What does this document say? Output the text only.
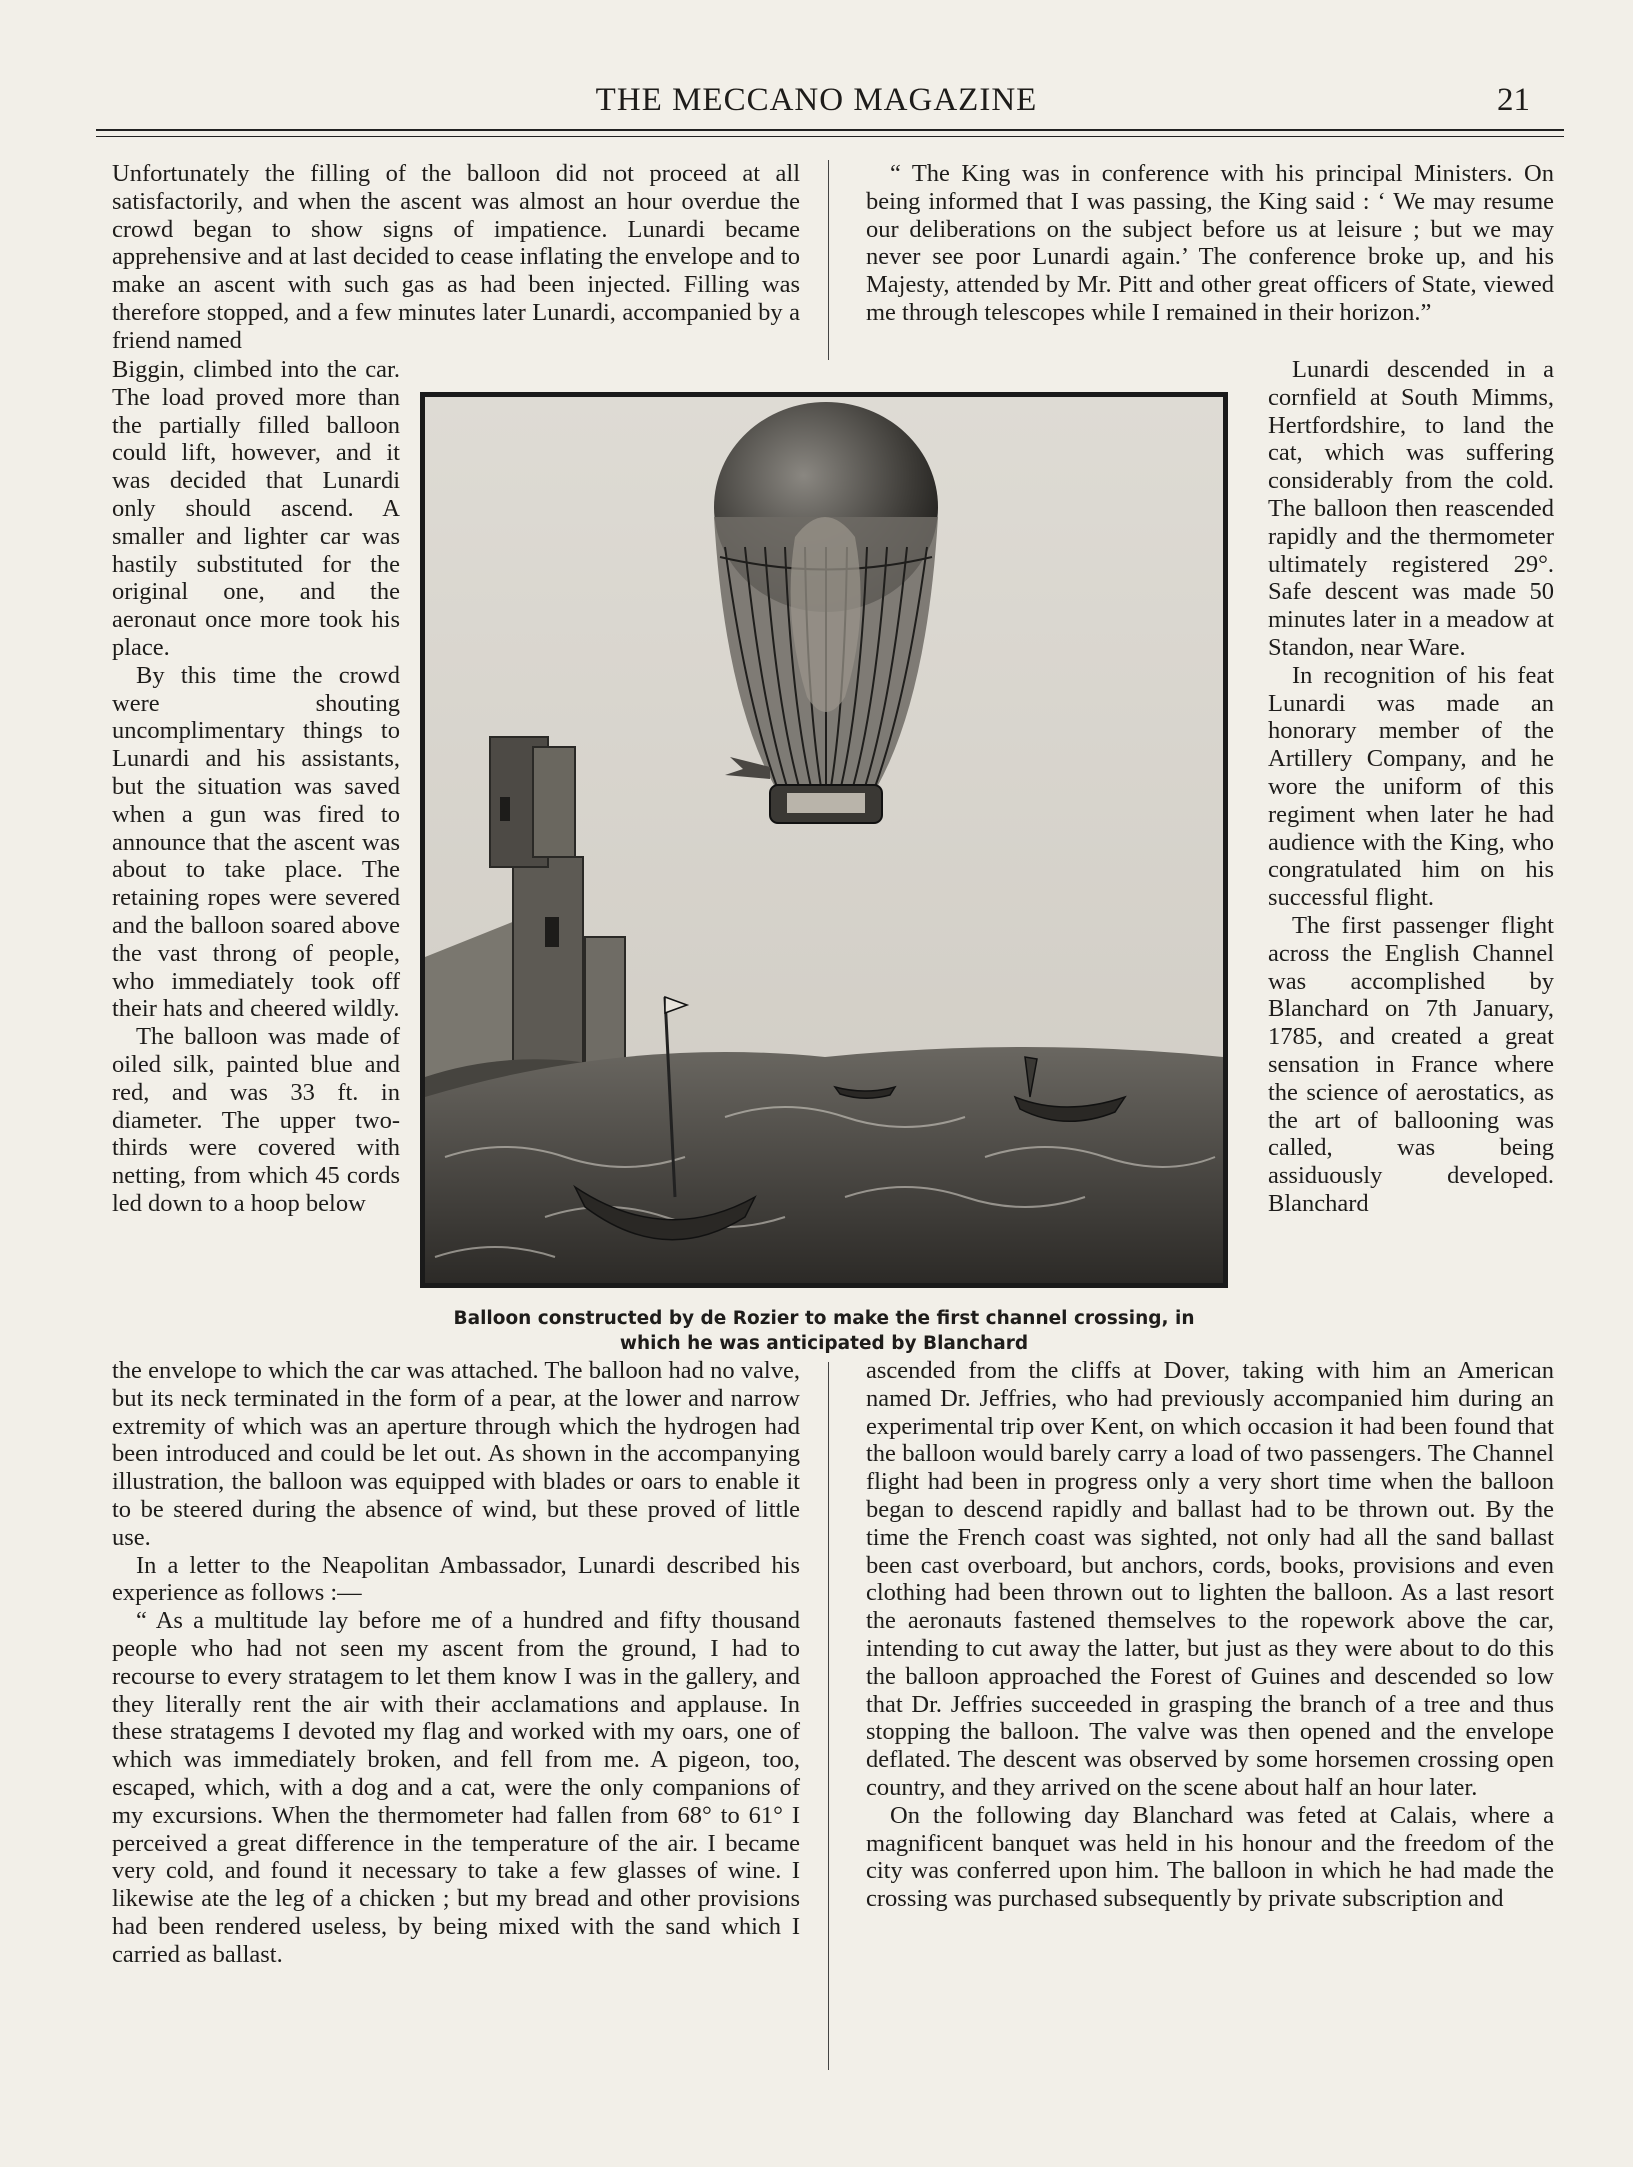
THE MECCANO MAGAZINE	21

Unfortunately the filling of the balloon did not proceed at all satisfactorily, and when the ascent was almost an hour overdue the crowd began to show signs of impatience. Lunardi became apprehensive and at last decided to cease inflating the envelope and to make an ascent with such gas as had been injected. Filling was therefore stopped, and a few minutes later Lunardi, accompanied by a friend named

Biggin, climbed into the car. The load proved more than the partially filled balloon could lift, however, and it was decided that Lunardi only should ascend. A smaller and lighter car was hastily substituted for the original one, and the aeronaut once more took his place.

By this time the crowd were shouting uncomplimentary things to Lunardi and his assistants, but the situation was saved when a gun was fired to announce that the ascent was about to take place. The retaining ropes were severed and the balloon soared above the vast throng of people, who immediately took off their hats and cheered wildly.

The balloon was made of oiled silk, painted blue and red, and was 33 ft. in diameter. The upper two-thirds were covered with netting, from which 45 cords led down to a hoop below

the envelope to which the car was attached. The balloon had no valve, but its neck terminated in the form of a pear, at the lower and narrow extremity of which was an aperture through which the hydrogen had been introduced and could be let out. As shown in the accompanying illustration, the balloon was equipped with blades or oars to enable it to be steered during the absence of wind, but these proved of little use.

In a letter to the Neapolitan Ambassador, Lunardi described his experience as follows :—

“ As a multitude lay before me of a hundred and fifty thousand people who had not seen my ascent from the ground, I had to recourse to every stratagem to let them know I was in the gallery, and they literally rent the air with their acclamations and applause. In these stratagems I devoted my flag and worked with my oars, one of which was immediately broken, and fell from me. A pigeon, too, escaped, which, with a dog and a cat, were the only companions of my excursions. When the thermometer had fallen from 68° to 61° I perceived a great difference in the temperature of the air. I became very cold, and found it necessary to take a few glasses of wine. I likewise ate the leg of a chicken ; but my bread and other provisions had been rendered useless, by being mixed with the sand which I carried as ballast.

“ The King was in conference with his principal Ministers. On being informed that I was passing, the King said : ‘ We may resume our deliberations on the subject before us at leisure ; but we may never see poor Lunardi again.’ The conference broke up, and his Majesty, attended by Mr. Pitt and other great officers of State, viewed me through telescopes while I remained in their horizon.”

Lunardi descended in a cornfield at South Mimms, Hertfordshire, to land the cat, which was suffering considerably from the cold. The balloon then reascended rapidly and the thermometer ultimately registered 29°. Safe descent was made 50 minutes later in a meadow at Standon, near Ware.

In recognition of his feat Lunardi was made an honorary member of the Artillery Company, and he wore the uniform of this regiment when later he had audience with the King, who congratulated him on his successful flight.

The first passenger flight across the English Channel was accomplished by Blanchard on 7th January, 1785, and created a great sensation in France where the science of aerostatics, as the art of ballooning was called, was being assiduously developed. Blanchard

ascended from the cliffs at Dover, taking with him an American named Dr. Jeffries, who had previously accompanied him during an experimental trip over Kent, on which occasion it had been found that the balloon would barely carry a load of two passengers. The Channel flight had been in progress only a very short time when the balloon began to descend rapidly and ballast had to be thrown out. By the time the French coast was sighted, not only had all the sand ballast been cast overboard, but anchors, cords, books, provisions and even clothing had been thrown out to lighten the balloon. As a last resort the aeronauts fastened themselves to the ropework above the car, intending to cut away the latter, but just as they were about to do this the balloon approached the Forest of Guines and descended so low that Dr. Jeffries succeeded in grasping the branch of a tree and thus stopping the balloon. The valve was then opened and the envelope deflated. The descent was observed by some horsemen crossing open country, and they arrived on the scene about half an hour later.

On the following day Blanchard was feted at Calais, where a magnificent banquet was held in his honour and the freedom of the city was conferred upon him. The balloon in which he had made the crossing was purchased subsequently by private subscription and

Balloon constructed by de Rozier to make the first channel crossing, in
which he was anticipated by Blanchard
